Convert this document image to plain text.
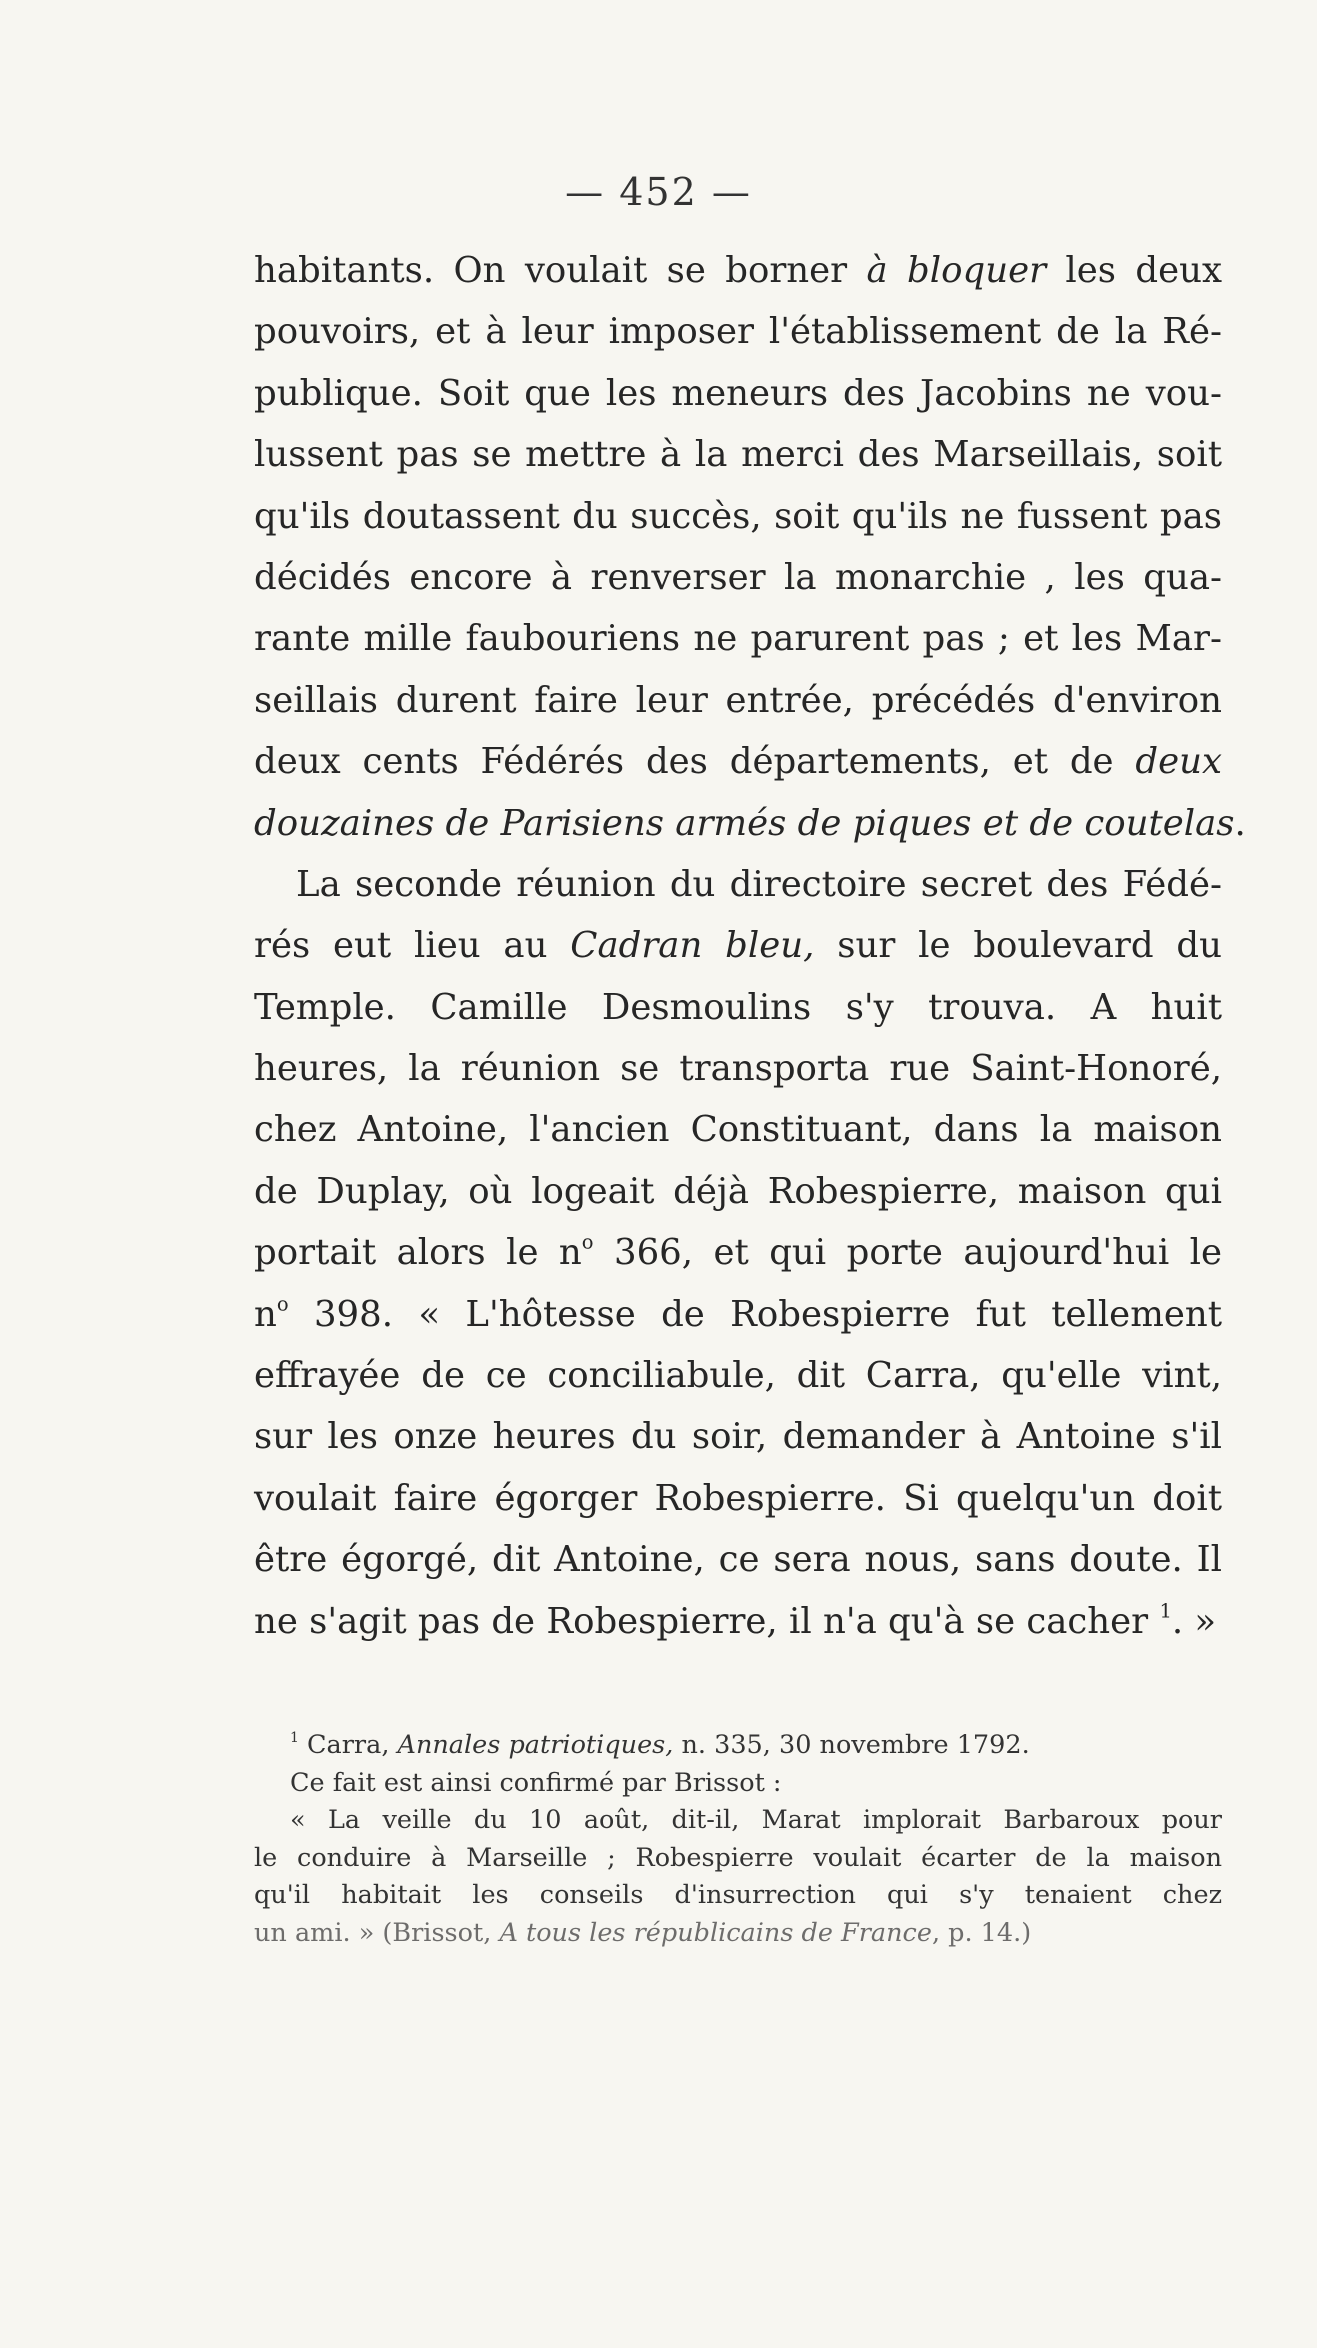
— 452 —
habitants. On voulait se borner à bloquer les deux
pouvoirs, et à leur imposer l'établissement de la Ré-
publique. Soit que les meneurs des Jacobins ne vou-
lussent pas se mettre à la merci des Marseillais, soit
qu'ils doutassent du succès, soit qu'ils ne fussent pas
décidés encore à renverser la monarchie , les qua-
rante mille faubouriens ne parurent pas ; et les Mar-
seillais durent faire leur entrée, précédés d'environ
deux cents Fédérés des départements, et de deux
douzaines de Parisiens armés de piques et de coutelas.
La seconde réunion du directoire secret des Fédé-
rés eut lieu au Cadran bleu, sur le boulevard du
Temple. Camille Desmoulins s'y trouva. A huit
heures, la réunion se transporta rue Saint-Honoré,
chez Antoine, l'ancien Constituant, dans la maison
de Duplay, où logeait déjà Robespierre, maison qui
portait alors le $n^o$ 366, et qui porte aujourd'hui le
$n^o$ 398. « L'hôtesse de Robespierre fut tellement
effrayée de ce conciliabule, dit Carra, qu'elle vint,
sur les onze heures du soir, demander à Antoine s'il
voulait faire égorger Robespierre. Si quelqu'un doit
être égorgé, dit Antoine, ce sera nous, sans doute. Il
ne s'agit pas de Robespierre, il n'a qu'à se cacher $^1$. »
$^1$ Carra, Annales patriotiques, n. 335, 30 novembre 1792.
Ce fait est ainsi confirmé par Brissot :
« La veille du 10 août, dit-il, Marat implorait Barbaroux pour
le conduire à Marseille ; Robespierre voulait écarter de la maison
qu'il habitait les conseils d'insurrection qui s'y tenaient chez
un ami. » (Brissot, A tous les républicains de France, p. 14.)
